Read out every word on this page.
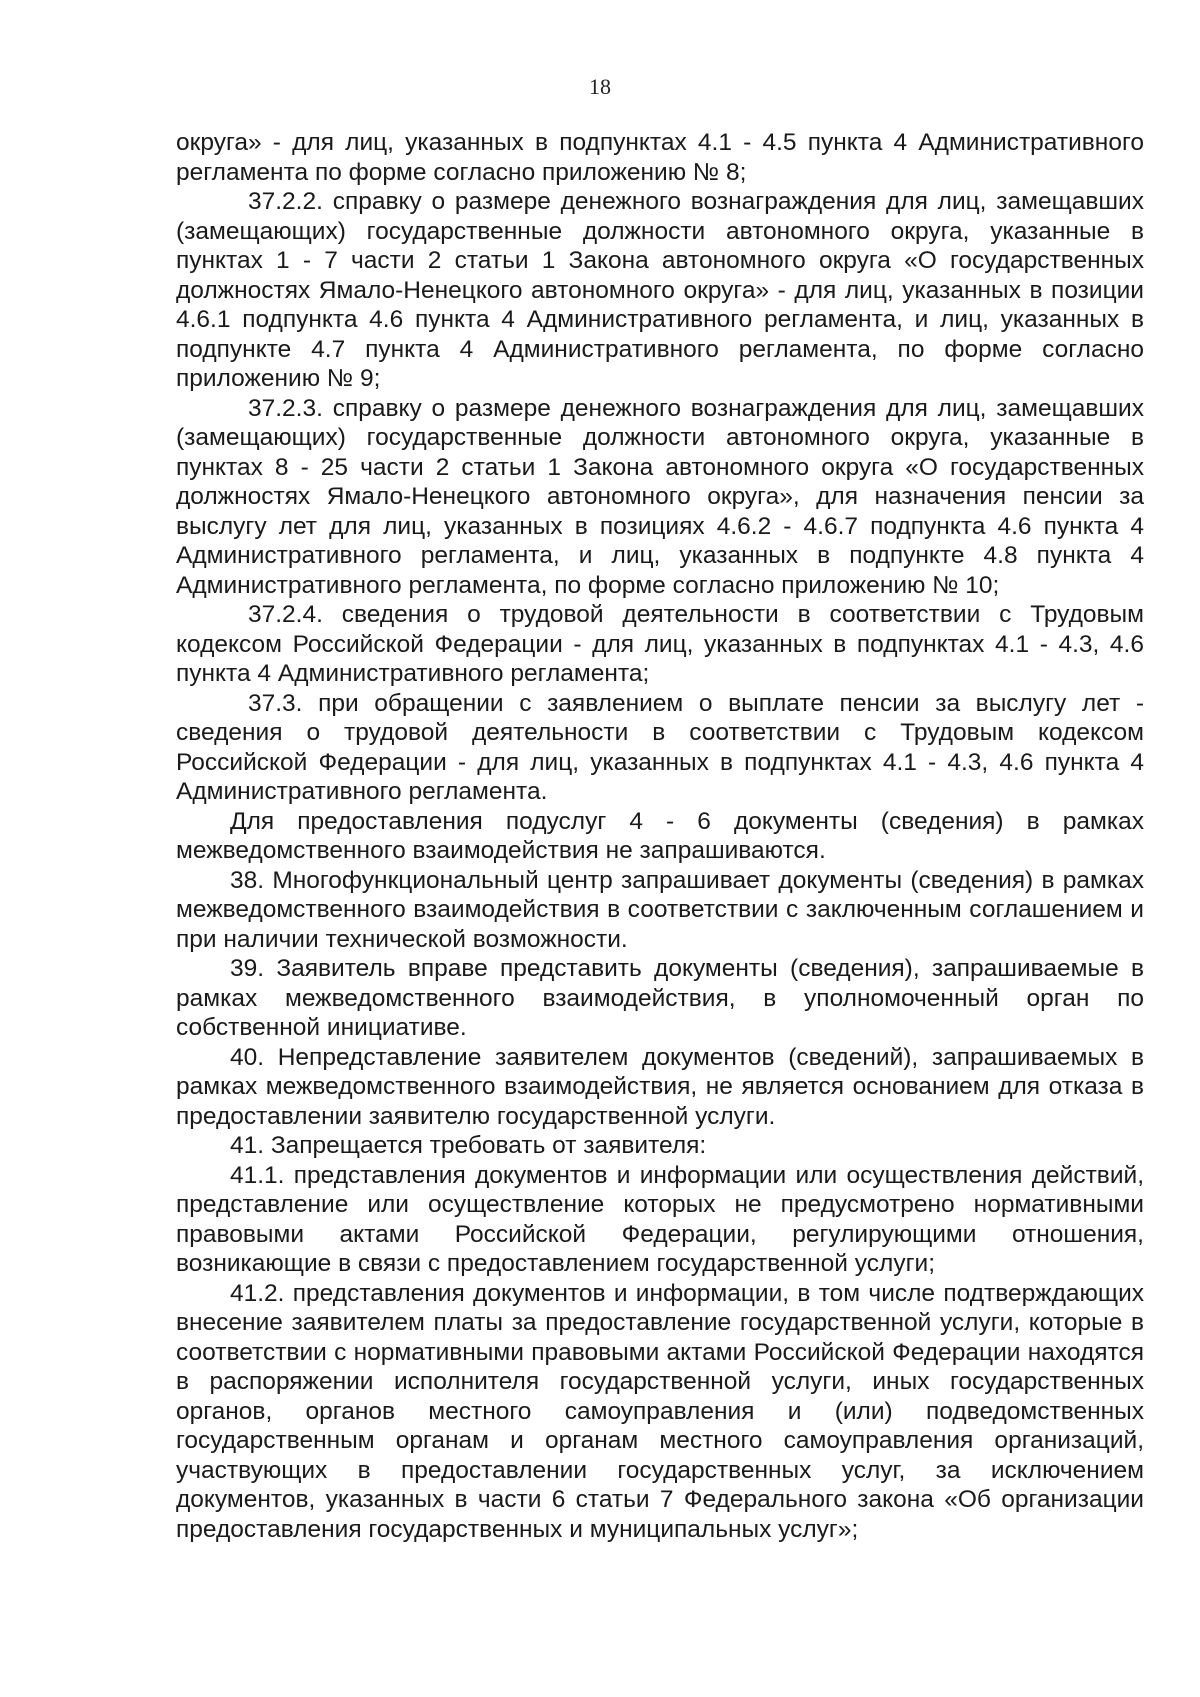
18

округа» - для лиц, указанных в подпунктах 4.1 - 4.5 пункта 4 Административного регламента по форме согласно приложению № 8;

37.2.2. справку о размере денежного вознаграждения для лиц, замещавших (замещающих) государственные должности автономного округа, указанные в пунктах 1 - 7 части 2 статьи 1 Закона автономного округа «О государственных должностях Ямало-Ненецкого автономного округа» - для лиц, указанных в позиции 4.6.1 подпункта 4.6 пункта 4 Административного регламента, и лиц, указанных в подпункте 4.7 пункта 4 Административного регламента, по форме согласно приложению № 9;

37.2.3. справку о размере денежного вознаграждения для лиц, замещавших (замещающих) государственные должности автономного округа, указанные в пунктах 8 - 25 части 2 статьи 1 Закона автономного округа «О государственных должностях Ямало-Ненецкого автономного округа», для назначения пенсии за выслугу лет для лиц, указанных в позициях 4.6.2 - 4.6.7 подпункта 4.6 пункта 4 Административного регламента, и лиц, указанных в подпункте 4.8 пункта 4 Административного регламента, по форме согласно приложению № 10;

37.2.4. сведения о трудовой деятельности в соответствии с Трудовым кодексом Российской Федерации - для лиц, указанных в подпунктах 4.1 - 4.3, 4.6 пункта 4 Административного регламента;

37.3. при обращении с заявлением о выплате пенсии за выслугу лет - сведения о трудовой деятельности в соответствии с Трудовым кодексом Российской Федерации - для лиц, указанных в подпунктах 4.1 - 4.3, 4.6 пункта 4 Административного регламента.

Для предоставления подуслуг 4 - 6 документы (сведения) в рамках межведомственного взаимодействия не запрашиваются.

38. Многофункциональный центр запрашивает документы (сведения) в рамках межведомственного взаимодействия в соответствии с заключенным соглашением и при наличии технической возможности.

39. Заявитель вправе представить документы (сведения), запрашиваемые в рамках межведомственного взаимодействия, в уполномоченный орган по собственной инициативе.

40. Непредставление заявителем документов (сведений), запрашиваемых в рамках межведомственного взаимодействия, не является основанием для отказа в предоставлении заявителю государственной услуги.

41. Запрещается требовать от заявителя:

41.1. представления документов и информации или осуществления действий, представление или осуществление которых не предусмотрено нормативными правовыми актами Российской Федерации, регулирующими отношения, возникающие в связи с предоставлением государственной услуги;

41.2. представления документов и информации, в том числе подтверждающих внесение заявителем платы за предоставление государственной услуги, которые в соответствии с нормативными правовыми актами Российской Федерации находятся в распоряжении исполнителя государственной услуги, иных государственных органов, органов местного самоуправления и (или) подведомственных государственным органам и органам местного самоуправления организаций, участвующих в предоставлении государственных услуг, за исключением документов, указанных в части 6 статьи 7 Федерального закона «Об организации предоставления государственных и муниципальных услуг»;
